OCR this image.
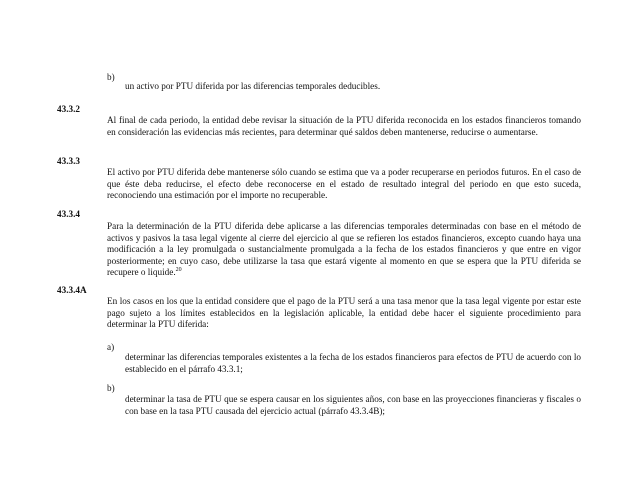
b)
un activo por PTU diferida por las diferencias temporales deducibles.
43.3.2
Al final de cada periodo, la entidad debe revisar la situación de la PTU diferida reconocida en los estados financieros tomando en consideración las evidencias más recientes, para determinar qué saldos deben mantenerse, reducirse o aumentarse.
43.3.3
El activo por PTU diferida debe mantenerse sólo cuando se estima que va a poder recuperarse en periodos futuros. En el caso de que éste deba reducirse, el efecto debe reconocerse en el estado de resultado integral del periodo en que esto suceda, reconociendo una estimación por el importe no recuperable.
43.3.4
Para la determinación de la PTU diferida debe aplicarse a las diferencias temporales determinadas con base en el método de activos y pasivos la tasa legal vigente al cierre del ejercicio al que se refieren los estados financieros, excepto cuando haya una modificación a la ley promulgada o sustancialmente promulgada a la fecha de los estados financieros y que entre en vigor posteriormente; en cuyo caso, debe utilizarse la tasa que estará vigente al momento en que se espera que la PTU diferida se recupere o liquide.$^{20}$
43.3.4A
En los casos en los que la entidad considere que el pago de la PTU será a una tasa menor que la tasa legal vigente por estar este pago sujeto a los límites establecidos en la legislación aplicable, la entidad debe hacer el siguiente procedimiento para determinar la PTU diferida:
a)
determinar las diferencias temporales existentes a la fecha de los estados financieros para efectos de PTU de acuerdo con lo establecido en el párrafo 43.3.1;
b)
determinar la tasa de PTU que se espera causar en los siguientes años, con base en las proyecciones financieras y fiscales o con base en la tasa PTU causada del ejercicio actual (párrafo 43.3.4B);
